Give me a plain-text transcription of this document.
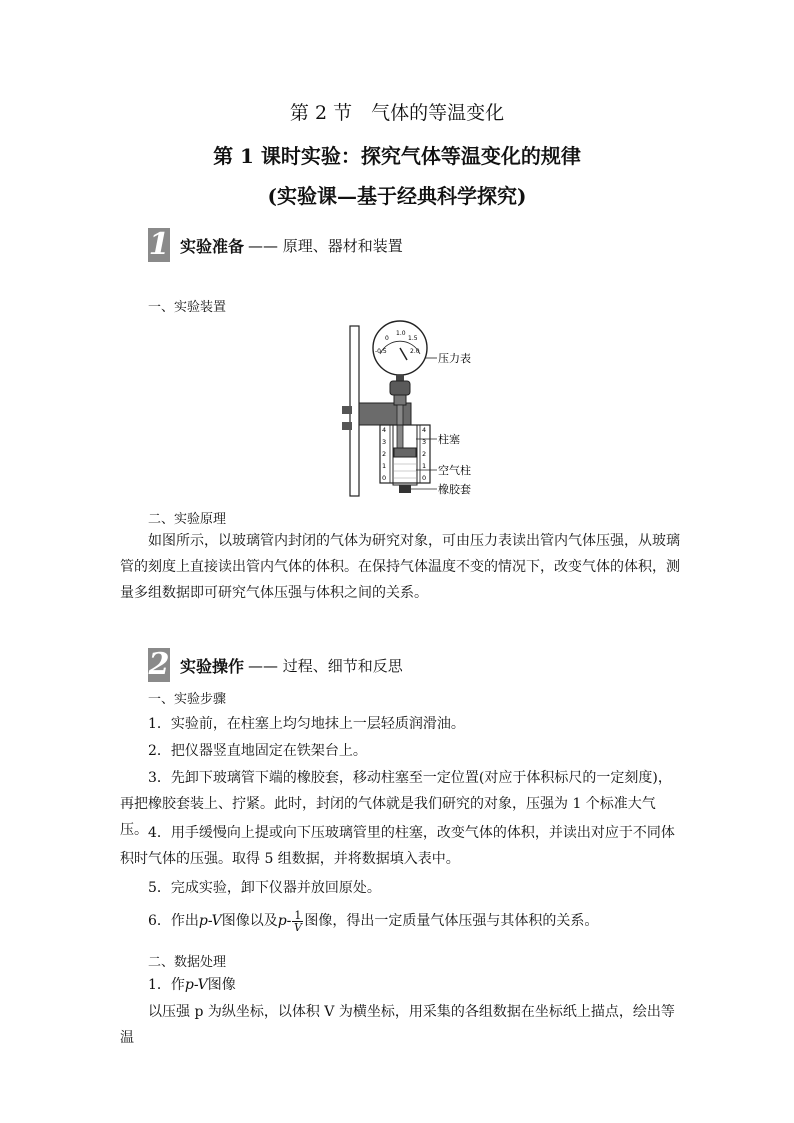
第 2 节　气体的等温变化
第 1 课时实验：探究气体等温变化的规律
(实验课—基于经典科学探究)
1 实验准备 —— 原理、器材和装置
一、实验装置
-0.5
0
1.0
1.5
2.0
4
3
2
1
0
4
3
2
1
0
压力表
柱塞
空气柱
橡胶套
二、实验原理

如图所示，以玻璃管内封闭的气体为研究对象，可由压力表读出管内气体压强，从玻璃管的刻度上直接读出管内气体的体积。在保持气体温度不变的情况下，改变气体的体积，测量多组数据即可研究气体压强与体积之间的关系。

2 实验操作 —— 过程、细节和反思
一、实验步骤

1．实验前，在柱塞上均匀地抹上一层轻质润滑油。

2．把仪器竖直地固定在铁架台上。

3．先卸下玻璃管下端的橡胶套，移动柱塞至一定位置(对应于体积标尺的一定刻度)，再把橡胶套装上、拧紧。此时，封闭的气体就是我们研究的对象，压强为 1 个标准大气压。 4．用手缓慢向上提或向下压玻璃管里的柱塞，改变气体的体积，并读出对应于不同体积时气体的压强。取得 5 组数据，并将数据填入表中。

5．完成实验，卸下仪器并放回原处。

6．作出p-V图像以及$p- \frac{1}{V}$ 图像，得出一定质量气体压强与其体积的关系。

二、数据处理

1．作p-V图像

以压强 p 为纵坐标，以体积 V 为横坐标，用采集的各组数据在坐标纸上描点，绘出等温
